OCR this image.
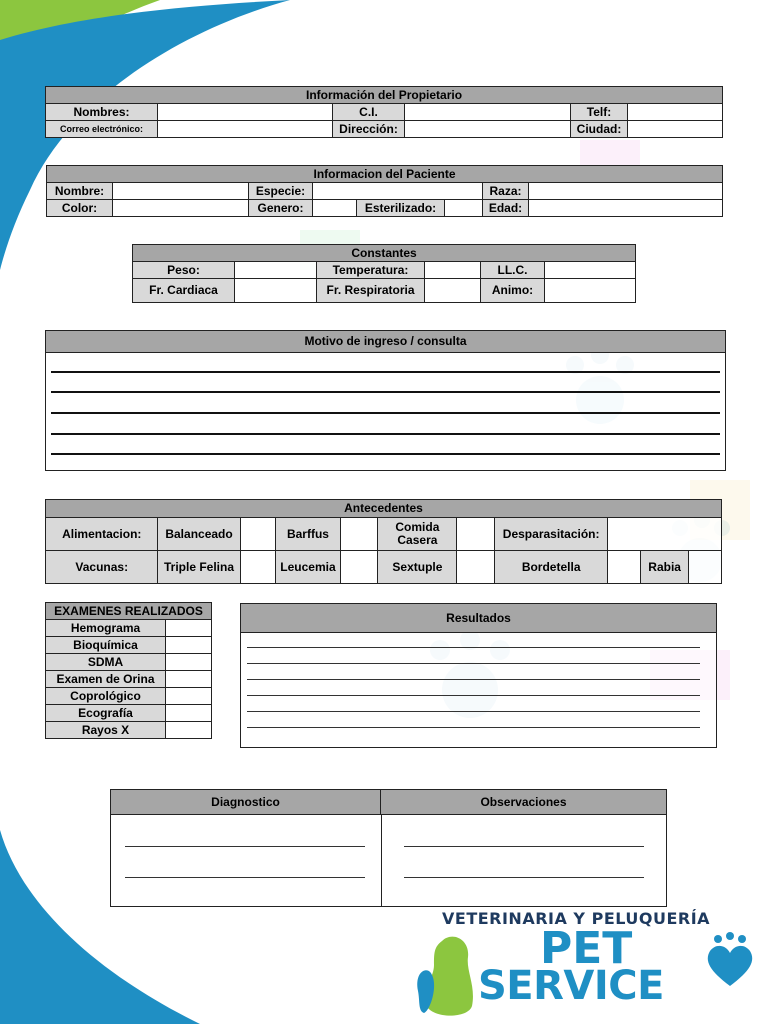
Información del Propietario					
Nombres:		C.I.		Telf:	
Correo electrónico:		Dirección:		Ciudad:	
Informacion del Paciente							
Nombre:		Especie:				Raza:	
Color:		Genero:		Esterilizado:		Edad:	
Constantes					
Peso:		Temperatura:		LL.C.	
Fr. Cardiaca		Fr. Respiratoria		Animo:	
Motivo de ingreso / consulta
Antecedentes										
Alimentacion:	Balanceado		Barffus		Comida Casera		Desparasitación:			
Vacunas:	Triple Felina		Leucemia		Sextuple		Bordetella		Rabia	
EXAMENES REALIZADOS	
Hemograma	
Bioquímica	
SDMA	
Examen de Orina	
Coprológico	
Ecografía	
Rayos X	
Resultados
Diagnostico	Observaciones
VETERINARIA Y PELUQUERÍA
PET
SERVICE
